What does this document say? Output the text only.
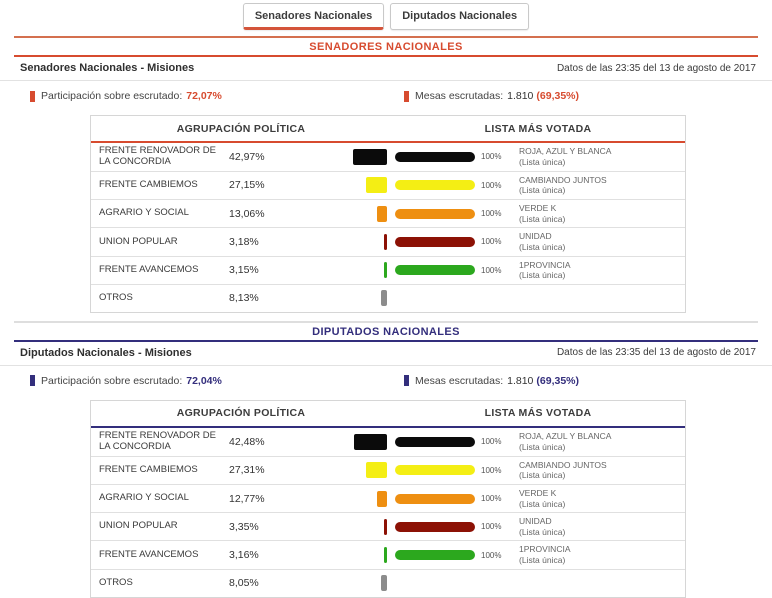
Senadores Nacionales	Diputados Nacionales
SENADORES NACIONALES
Senadores Nacionales - Misiones	Datos de las 23:35 del 13 de agosto de 2017
Participación sobre escrutado: 72,07%	Mesas escrutadas: 1.810 (69,35%)
AGRUPACIÓN POLÍTICA	LISTA MÁS VOTADA
FRENTE RENOVADOR DE LA CONCORDIA	42,97%	100%
ROJA, AZUL Y BLANCA
(Lista única)
FRENTE CAMBIEMOS	27,15%	100%
CAMBIANDO JUNTOS
(Lista única)
AGRARIO Y SOCIAL	13,06%	100%
VERDE K
(Lista única)
UNION POPULAR	3,18%	100%
UNIDAD
(Lista única)
FRENTE AVANCEMOS	3,15%	100%
1PROVINCIA
(Lista única)
OTROS	8,13%
DIPUTADOS NACIONALES
Diputados Nacionales - Misiones	Datos de las 23:35 del 13 de agosto de 2017
Participación sobre escrutado: 72,04%	Mesas escrutadas: 1.810 (69,35%)
AGRUPACIÓN POLÍTICA	LISTA MÁS VOTADA
FRENTE RENOVADOR DE LA CONCORDIA	42,48%	100%
ROJA, AZUL Y BLANCA
(Lista única)
FRENTE CAMBIEMOS	27,31%	100%
CAMBIANDO JUNTOS
(Lista única)
AGRARIO Y SOCIAL	12,77%	100%
VERDE K
(Lista única)
UNION POPULAR	3,35%	100%
UNIDAD
(Lista única)
FRENTE AVANCEMOS	3,16%	100%
1PROVINCIA
(Lista única)
OTROS	8,05%
